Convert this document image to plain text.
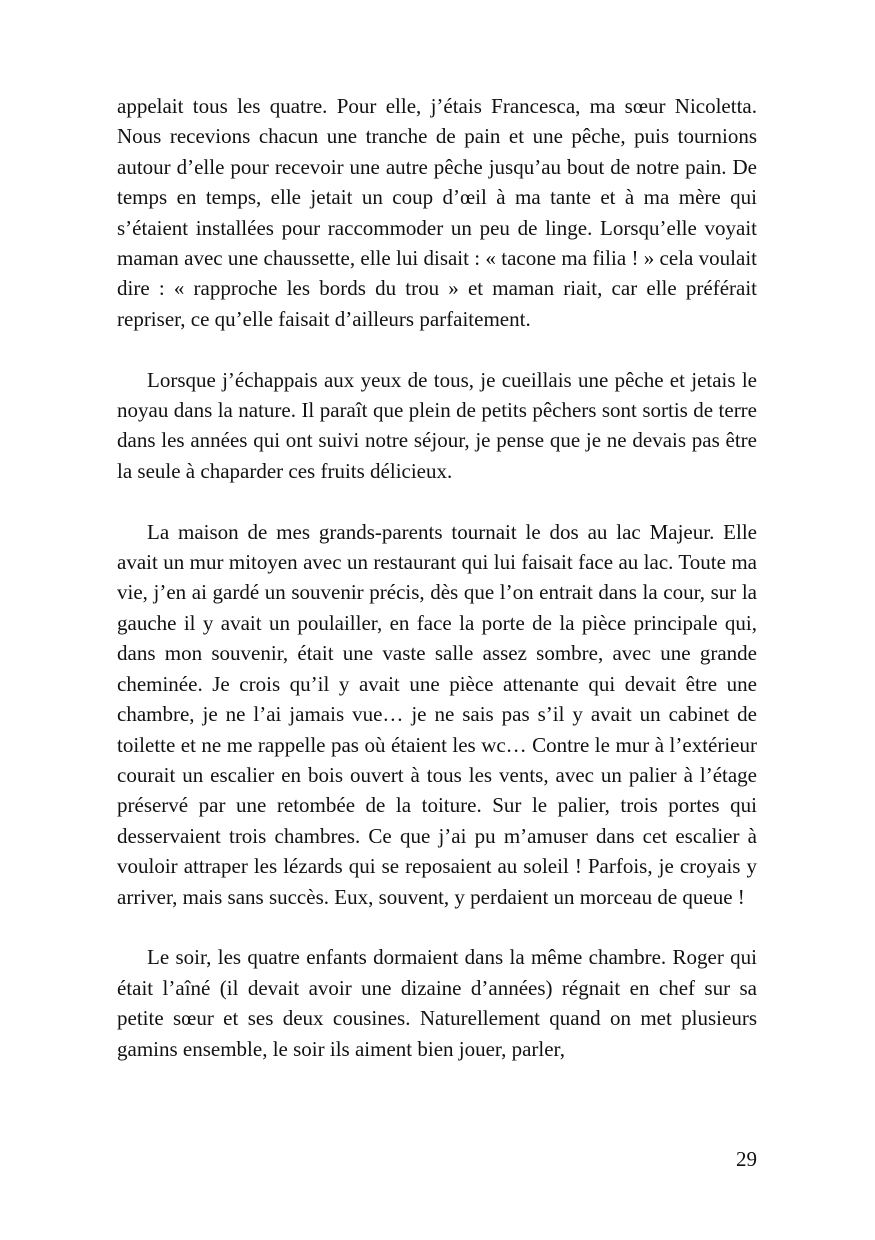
appelait tous les quatre. Pour elle, j’étais Francesca, ma sœur Nicoletta. Nous recevions chacun une tranche de pain et une pêche, puis tournions autour d’elle pour recevoir une autre pêche jusqu’au bout de notre pain. De temps en temps, elle jetait un coup d’œil à ma tante et à ma mère qui s’étaient installées pour raccommoder un peu de linge. Lorsqu’elle voyait maman avec une chaussette, elle lui disait : « tacone ma filia ! » cela voulait dire : « rapproche les bords du trou » et maman riait, car elle préférait repriser, ce qu’elle faisait d’ailleurs parfaitement.

Lorsque j’échappais aux yeux de tous, je cueillais une pêche et jetais le noyau dans la nature. Il paraît que plein de petits pêchers sont sortis de terre dans les années qui ont suivi notre séjour, je pense que je ne devais pas être la seule à chaparder ces fruits délicieux.

La maison de mes grands-parents tournait le dos au lac Majeur. Elle avait un mur mitoyen avec un restaurant qui lui faisait face au lac. Toute ma vie, j’en ai gardé un souvenir précis, dès que l’on entrait dans la cour, sur la gauche il y avait un poulailler, en face la porte de la pièce principale qui, dans mon souvenir, était une vaste salle assez sombre, avec une grande cheminée. Je crois qu’il y avait une pièce attenante qui devait être une chambre, je ne l’ai jamais vue… je ne sais pas s’il y avait un cabinet de toilette et ne me rappelle pas où étaient les wc… Contre le mur à l’extérieur courait un escalier en bois ouvert à tous les vents, avec un palier à l’étage préservé par une retombée de la toiture. Sur le palier, trois portes qui desservaient trois chambres. Ce que j’ai pu m’amuser dans cet escalier à vouloir attraper les lézards qui se reposaient au soleil ! Parfois, je croyais y arriver, mais sans succès. Eux, souvent, y perdaient un morceau de queue !

Le soir, les quatre enfants dormaient dans la même chambre. Roger qui était l’aîné (il devait avoir une dizaine d’années) régnait en chef sur sa petite sœur et ses deux cousines. Naturellement quand on met plusieurs gamins ensemble, le soir ils aiment bien jouer, parler,

29
